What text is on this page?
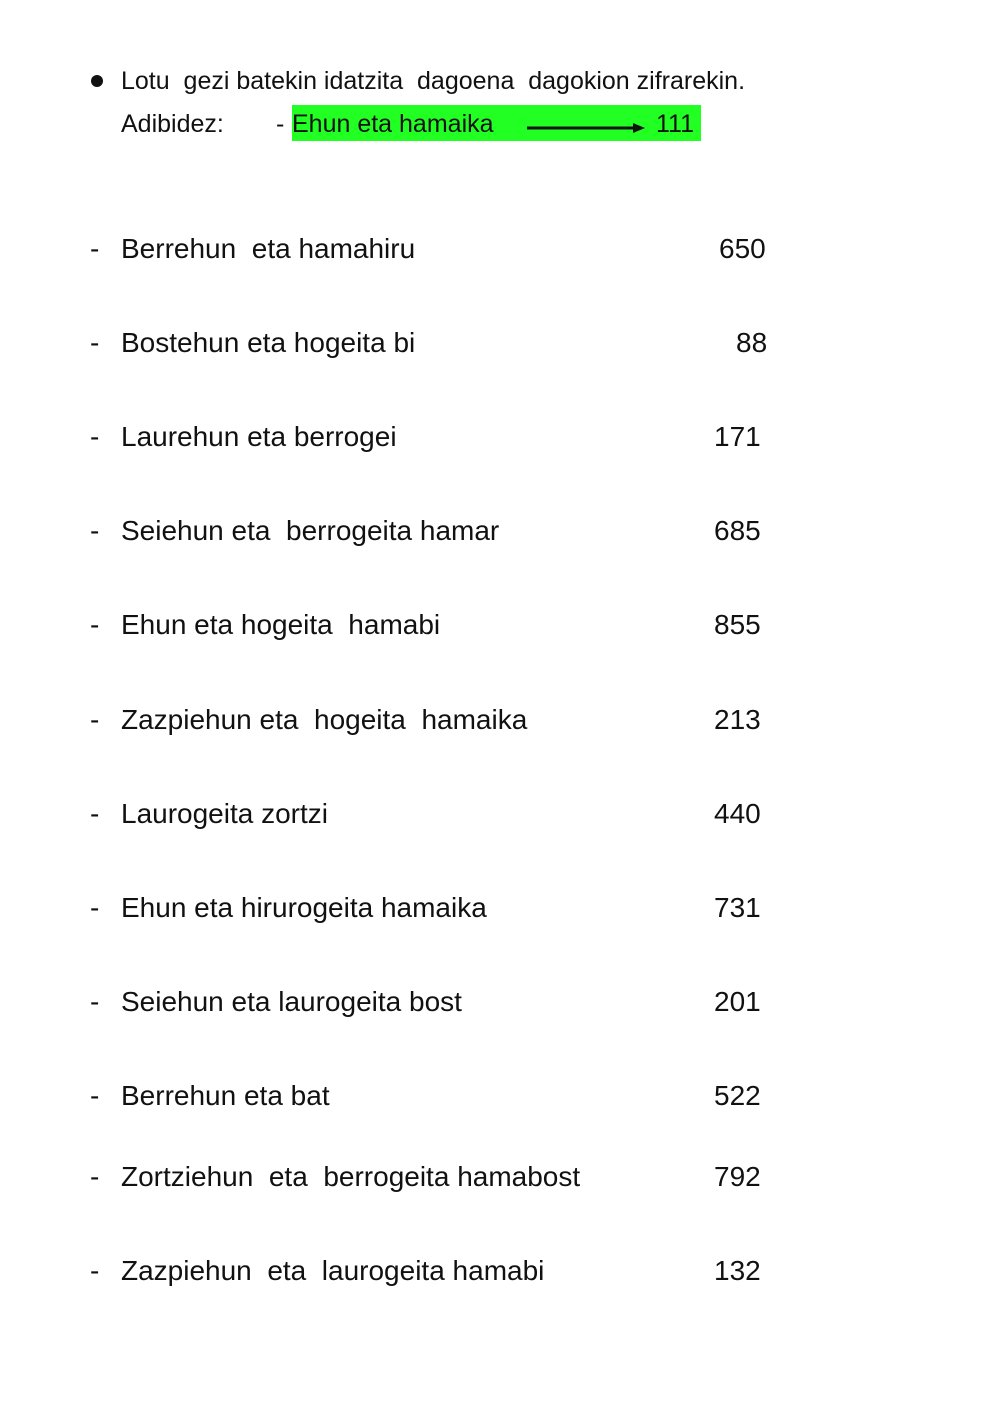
Lotu  gezi batekin idatzita  dagoena  dagokion zifrarekin.
Adibidez: - Ehun eta hamaika	111
- Berrehun  eta hamahiru	650
- Bostehun eta hogeita bi	88
- Laurehun eta berrogei	171
- Seiehun eta  berrogeita hamar	685
- Ehun eta hogeita  hamabi	855
- Zazpiehun eta  hogeita  hamaika	213
- Laurogeita zortzi	440
- Ehun eta hirurogeita hamaika	731
- Seiehun eta laurogeita bost	201
- Berrehun eta bat	522
- Zortziehun  eta  berrogeita hamabost	792
- Zazpiehun  eta  laurogeita hamabi	132
